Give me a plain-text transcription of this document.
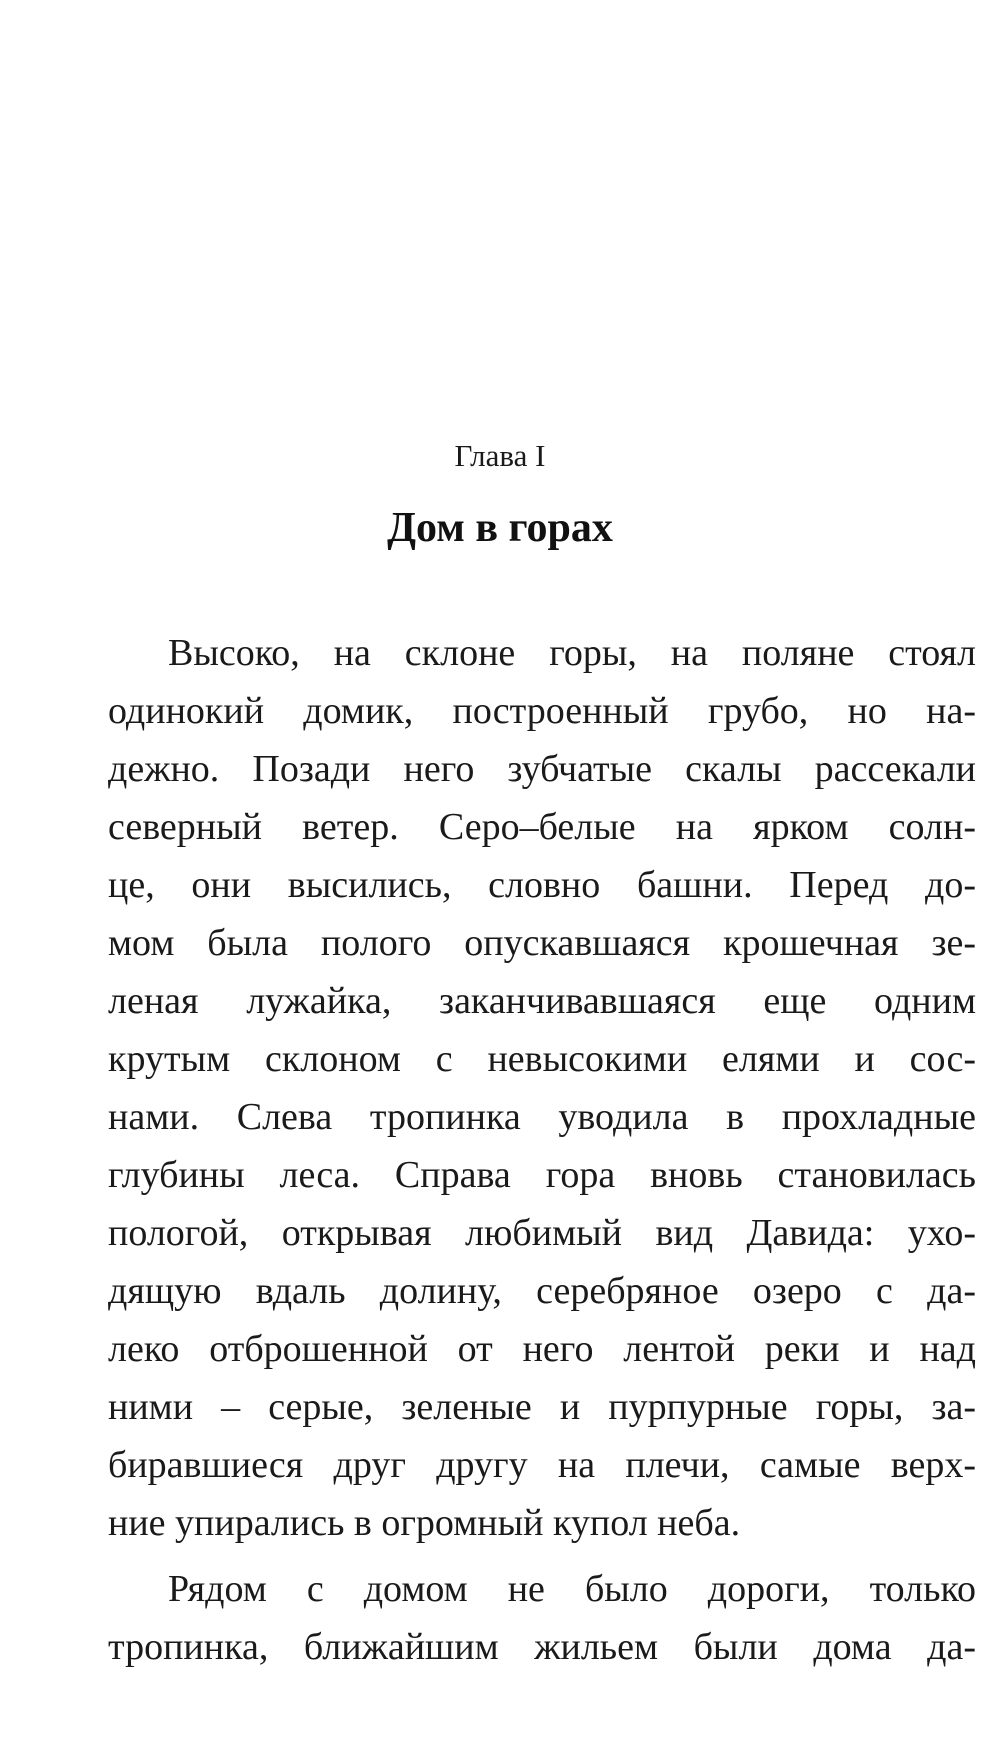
Глава I
Дом в горах
Высоко, на склоне горы, на поляне стоял
одинокий домик, построенный грубо, но на-
дежно. Позади него зубчатые скалы рассекали
северный ветер. Серо–белые на ярком солн-
це, они высились, словно башни. Перед до-
мом была полого опускавшаяся крошечная зе-
леная лужайка, заканчивавшаяся еще одним
крутым склоном с невысокими елями и сос-
нами. Слева тропинка уводила в прохладные
глубины леса. Справа гора вновь становилась
пологой, открывая любимый вид Давида: ухо-
дящую вдаль долину, серебряное озеро с да-
леко отброшенной от него лентой реки и над
ними – серые, зеленые и пурпурные горы, за-
биравшиеся друг другу на плечи, самые верх-
ние упирались в огромный купол неба.
Рядом с домом не было дороги, только
тропинка, ближайшим жильем были дома да-
